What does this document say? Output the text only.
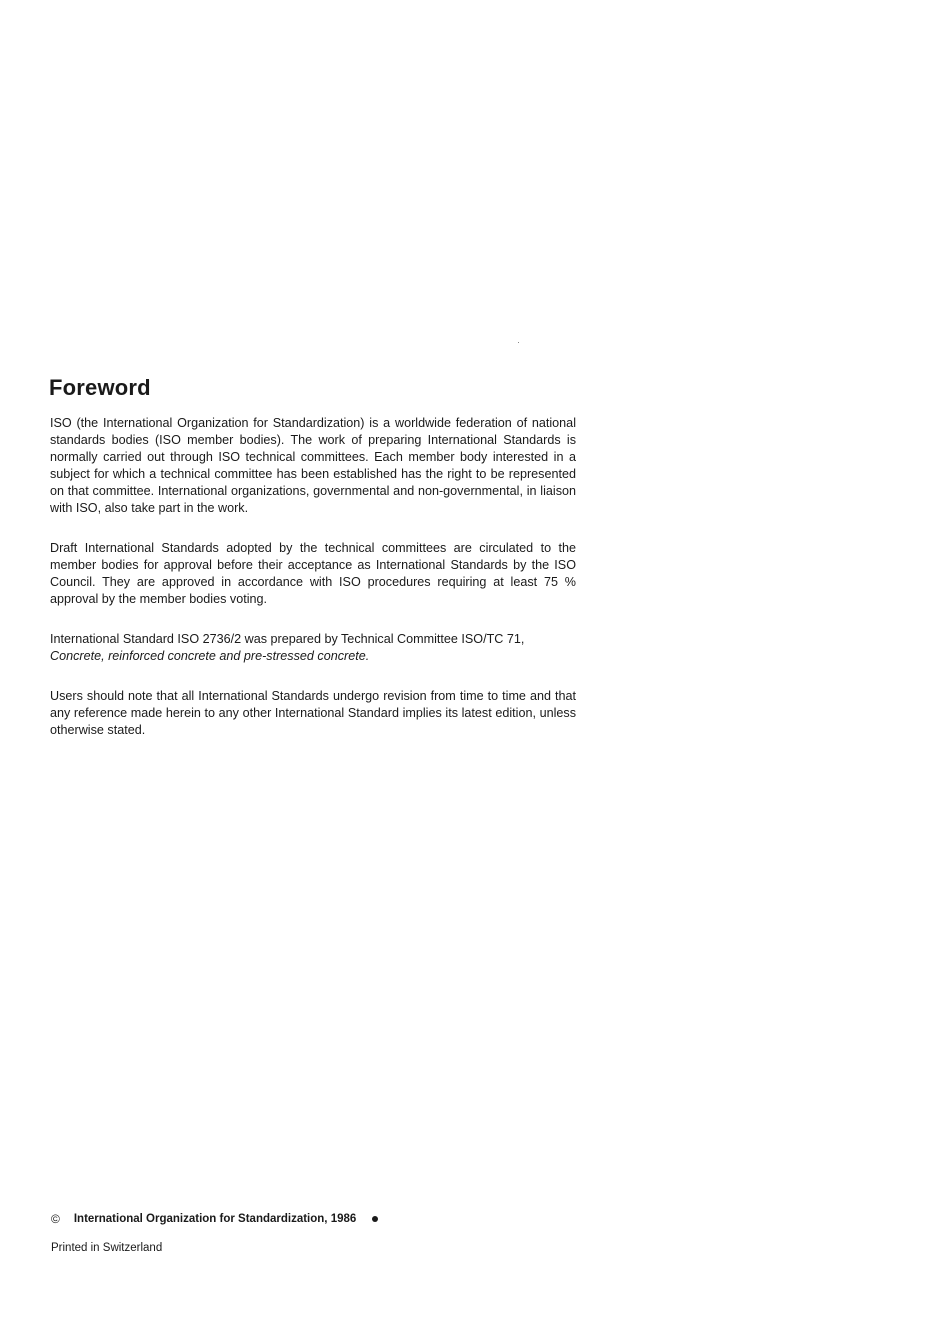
Foreword

ISO (the International Organization for Standardization) is a worldwide federation of national standards bodies (ISO member bodies). The work of preparing International Standards is normally carried out through ISO technical committees. Each member body interested in a subject for which a technical committee has been established has the right to be represented on that committee. International organizations, governmental and non-governmental, in liaison with ISO, also take part in the work.

Draft International Standards adopted by the technical committees are circulated to the member bodies for approval before their acceptance as International Standards by the ISO Council. They are approved in accordance with ISO procedures requiring at least 75 % approval by the member bodies voting.

International Standard ISO 2736/2 was prepared by Technical Committee ISO/TC 71,
Concrete, reinforced concrete and pre-stressed concrete.

Users should note that all International Standards undergo revision from time to time and that any reference made herein to any other International Standard implies its latest edition, unless otherwise stated.

© International Organization for Standardization, 1986
Printed in Switzerland
